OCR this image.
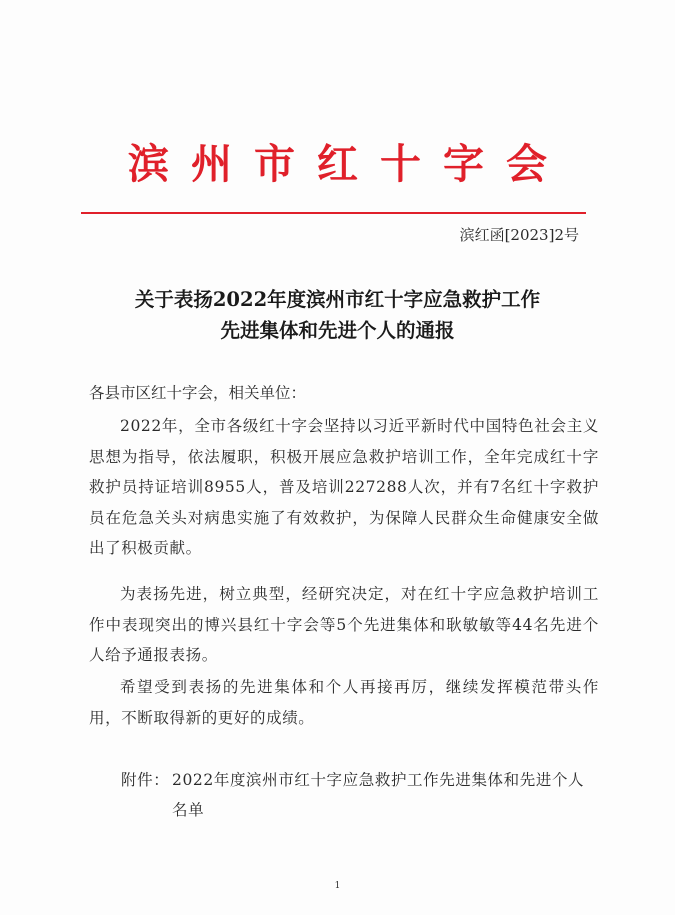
滨州市红十字会
滨红函[2023]2号
关于表扬2022年度滨州市红十字应急救护工作
先进集体和先进个人的通报
各县市区红十字会，相关单位：
2022年，全市各级红十字会坚持以习近平新时代中国特色社会主义思想为指导，依法履职，积极开展应急救护培训工作，全年完成红十字救护员持证培训8955人，普及培训227288人次，并有7名红十字救护员在危急关头对病患实施了有效救护，为保障人民群众生命健康安全做出了积极贡献。
为表扬先进，树立典型，经研究决定，对在红十字应急救护培训工作中表现突出的博兴县红十字会等5个先进集体和耿敏敏等44名先进个人给予通报表扬。
希望受到表扬的先进集体和个人再接再厉，继续发挥模范带头作用，不断取得新的更好的成绩。
附件： 2022年度滨州市红十字应急救护工作先进集体和先进个人名单
1
